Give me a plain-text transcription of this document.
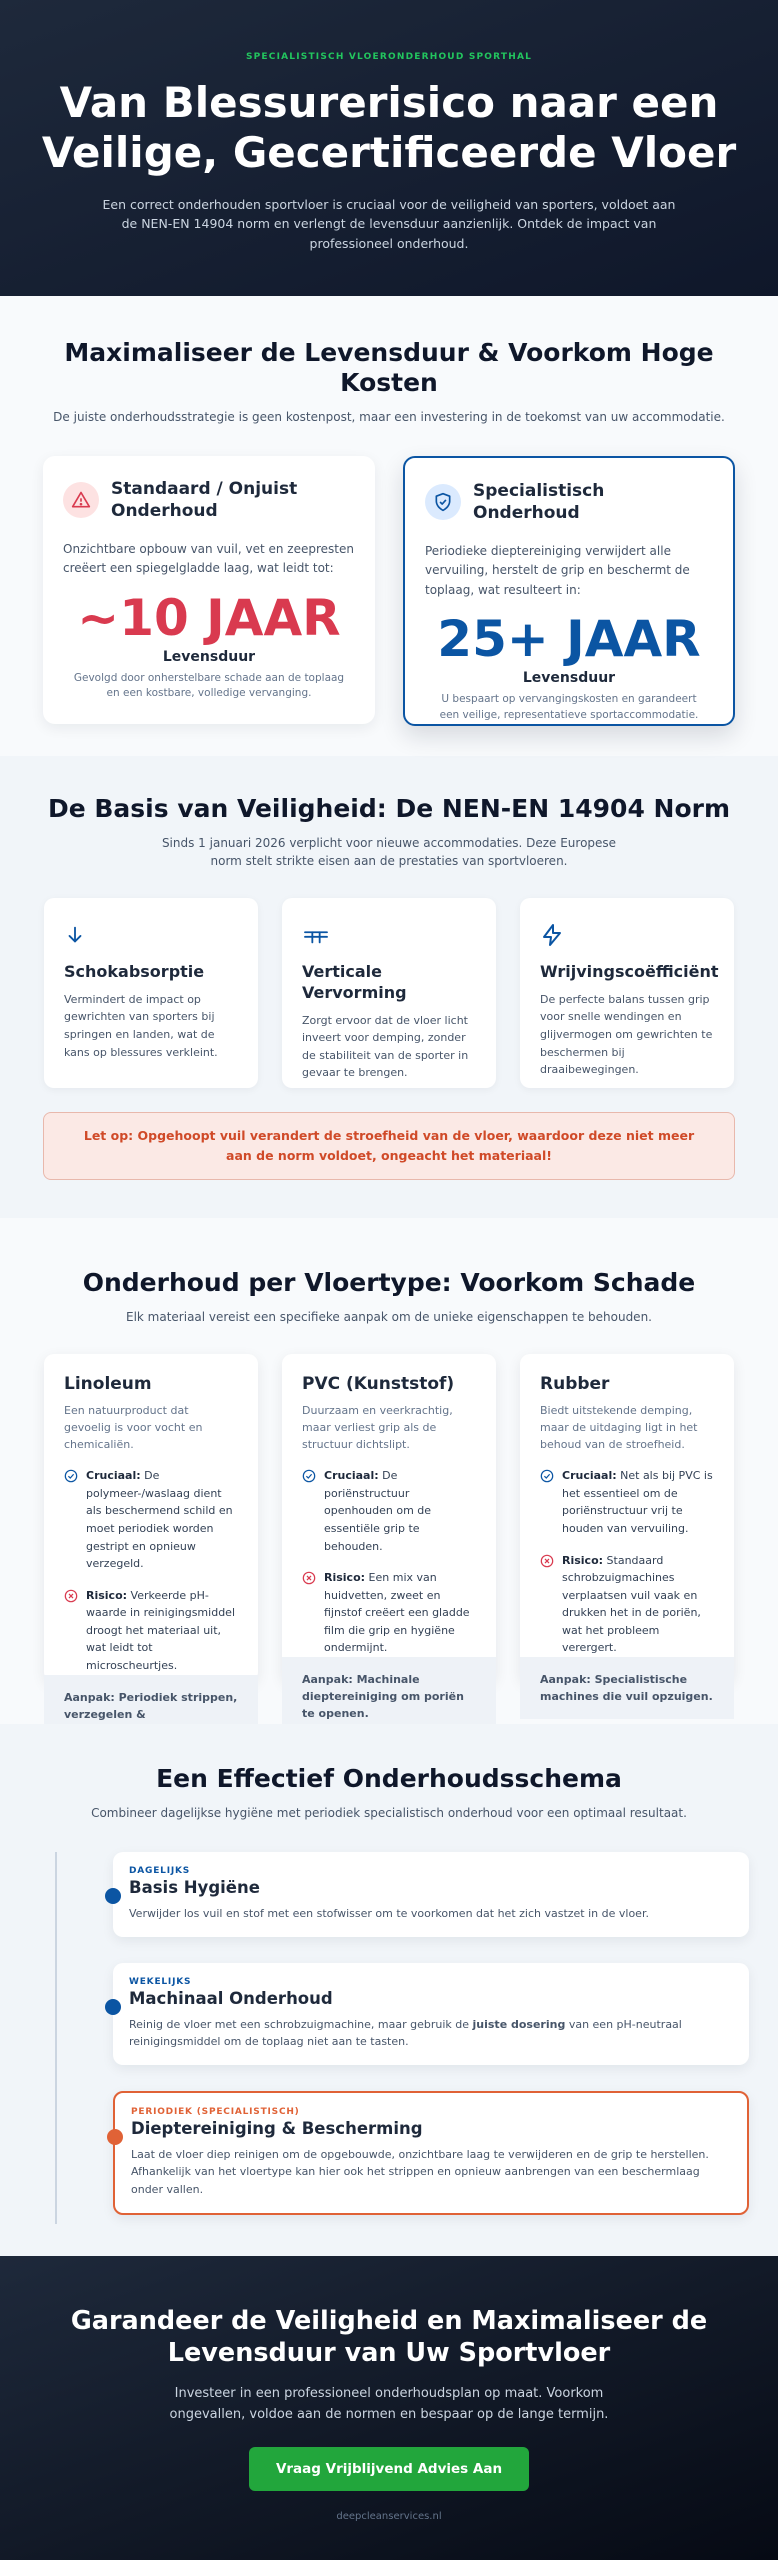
SPECIALISTISCH VLOERONDERHOUD SPORTHAL
Van Blessurerisico naar een Veilige, Gecertificeerde Vloer

Een correct onderhouden sportvloer is cruciaal voor de veiligheid van sporters, voldoet aan de NEN-EN 14904 norm en verlengt de levensduur aanzienlijk. Ontdek de impact van professioneel onderhoud.

Maximaliseer de Levensduur & Voorkom Hoge Kosten

De juiste onderhoudsstrategie is geen kostenpost, maar een investering in de toekomst van uw accommodatie.

Standaard / Onjuist Onderhoud

Onzichtbare opbouw van vuil, vet en zeepresten creëert een spiegelgladde laag, wat leidt tot:

~10 JAAR
Levensduur

Gevolgd door onherstelbare schade aan de toplaag en een kostbare, volledige vervanging.

Specialistisch Onderhoud

Periodieke dieptereiniging verwijdert alle vervuiling, herstelt de grip en beschermt de toplaag, wat resulteert in:

25+ JAAR
Levensduur

U bespaart op vervangingskosten en garandeert een veilige, representatieve sportaccommodatie.

De Basis van Veiligheid: De NEN-EN 14904 Norm

Sinds 1 januari 2026 verplicht voor nieuwe accommodaties. Deze Europese norm stelt strikte eisen aan de prestaties van sportvloeren.

Schokabsorptie

Vermindert de impact op gewrichten van sporters bij springen en landen, wat de kans op blessures verkleint.

Verticale Vervorming

Zorgt ervoor dat de vloer licht inveert voor demping, zonder de stabiliteit van de sporter in gevaar te brengen.

Wrijvingscoëfficiënt

De perfecte balans tussen grip voor snelle wendingen en glijvermogen om gewrichten te beschermen bij draaibewegingen.

Let op: Opgehoopt vuil verandert de stroefheid van de vloer, waardoor deze niet meer aan de norm voldoet, ongeacht het materiaal!
Onderhoud per Vloertype: Voorkom Schade

Elk materiaal vereist een specifieke aanpak om de unieke eigenschappen te behouden.

Linoleum

Een natuurproduct dat gevoelig is voor vocht en chemicaliën.

Cruciaal: De polymeer-/waslaag dient als beschermend schild en moet periodiek worden gestript en opnieuw verzegeld.
Risico: Verkeerde pH-waarde in reinigingsmiddel droogt het materiaal uit, wat leidt tot microscheurtjes.
Aanpak: Periodiek strippen, verzegelen &
PVC (Kunststof)

Duurzaam en veerkrachtig, maar verliest grip als de structuur dichtslipt.

Cruciaal: De poriënstructuur openhouden om de essentiële grip te behouden.
Risico: Een mix van huidvetten, zweet en fijnstof creëert een gladde film die grip en hygiëne ondermijnt.
Aanpak: Machinale dieptereiniging om poriën te openen.
Rubber

Biedt uitstekende demping, maar de uitdaging ligt in het behoud van de stroefheid.

Cruciaal: Net als bij PVC is het essentieel om de poriënstructuur vrij te houden van vervuiling.
Risico: Standaard schrobzuigmachines verplaatsen vuil vaak en drukken het in de poriën, wat het probleem verergert.
Aanpak: Specialistische machines die vuil opzuigen.
Een Effectief Onderhoudsschema

Combineer dagelijkse hygiëne met periodiek specialistisch onderhoud voor een optimaal resultaat.

DAGELIJKS
Basis Hygiëne

Verwijder los vuil en stof met een stofwisser om te voorkomen dat het zich vastzet in de vloer.

WEKELIJKS
Machinaal Onderhoud

Reinig de vloer met een schrobzuigmachine, maar gebruik de juiste dosering van een pH-neutraal reinigingsmiddel om de toplaag niet aan te tasten.

PERIODIEK (SPECIALISTISCH)
Dieptereiniging & Bescherming

Laat de vloer diep reinigen om de opgebouwde, onzichtbare laag te verwijderen en de grip te herstellen. Afhankelijk van het vloertype kan hier ook het strippen en opnieuw aanbrengen van een beschermlaag onder vallen.

Garandeer de Veiligheid en Maximaliseer de Levensduur van Uw Sportvloer

Investeer in een professioneel onderhoudsplan op maat. Voorkom ongevallen, voldoe aan de normen en bespaar op de lange termijn.

Vraag Vrijblijvend Advies Aan
deepcleanservices.nl
